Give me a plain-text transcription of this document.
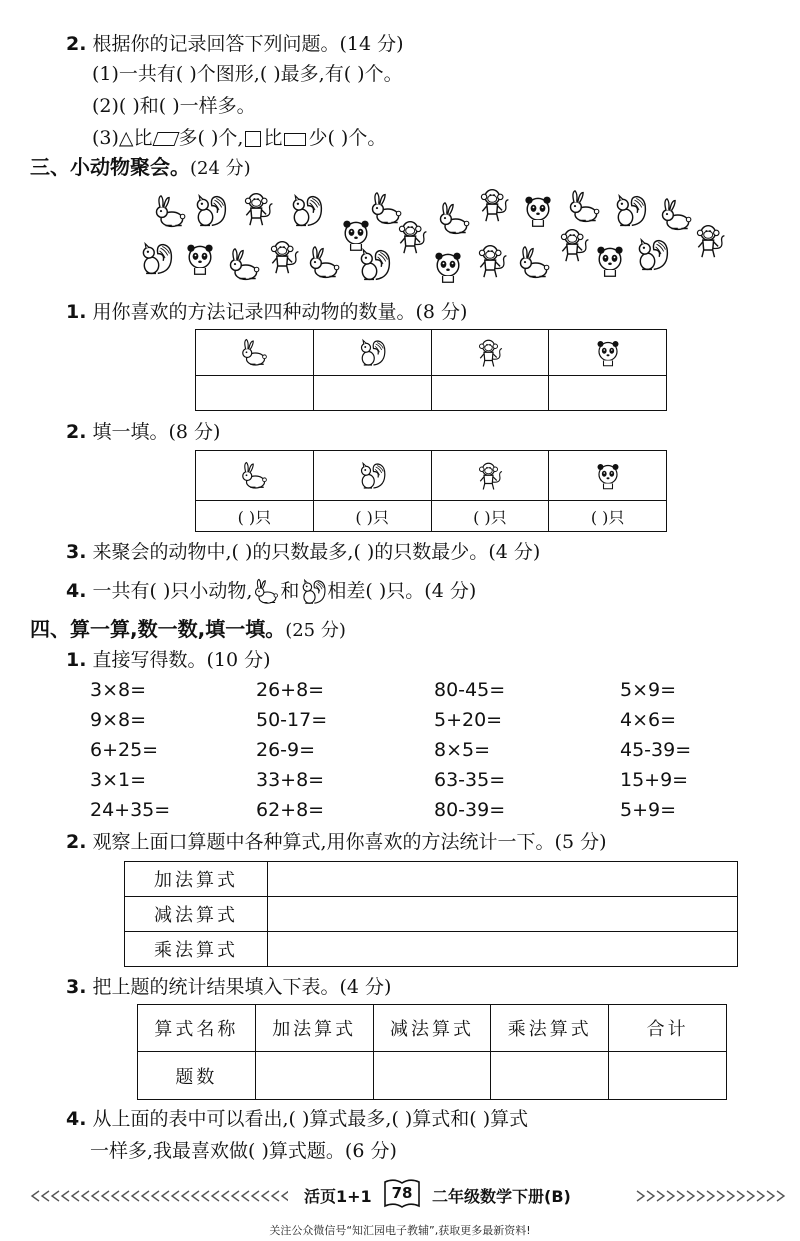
2. 根据你的记录回答下列问题。(14 分)
(1)一共有( )个图形,( )最多,有( )个。
(2)( )和( )一样多。
(3)△比 多( )个, 比 少( )个。
三、小动物聚会。(24 分)
1. 用你喜欢的方法记录四种动物的数量。(8 分)

2. 填一填。(8 分)

( )只	( )只	( )只	( )只
3. 来聚会的动物中,( )的只数最多,( )的只数最少。(4 分)
4. 一共有( )只小动物, 和 相差( )只。(4 分)
四、算一算,数一数,填一填。(25 分)
1. 直接写得数。(10 分)
3×8=	26+8=	80-45=	5×9=
9×8=	50-17=	5+20=	4×6=
6+25=	26-9=	8×5=	45-39=
3×1=	33+8=	63-35=	15+9=
24+35=	62+8=	80-39=	5+9=
2. 观察上面口算题中各种算式,用你喜欢的方法统计一下。(5 分)
加法算式	
减法算式	
乘法算式	
3. 把上题的统计结果填入下表。(4 分)
算式名称	加法算式	减法算式	乘法算式	合计
题数				
4. 从上面的表中可以看出,( )算式最多,( )算式和( )算式
一样多,我最喜欢做( )算式题。(6 分)
活页1+1	78	二年级数学下册(B)
关注公众微信号“知汇园电子教辅”,获取更多最新资料!
